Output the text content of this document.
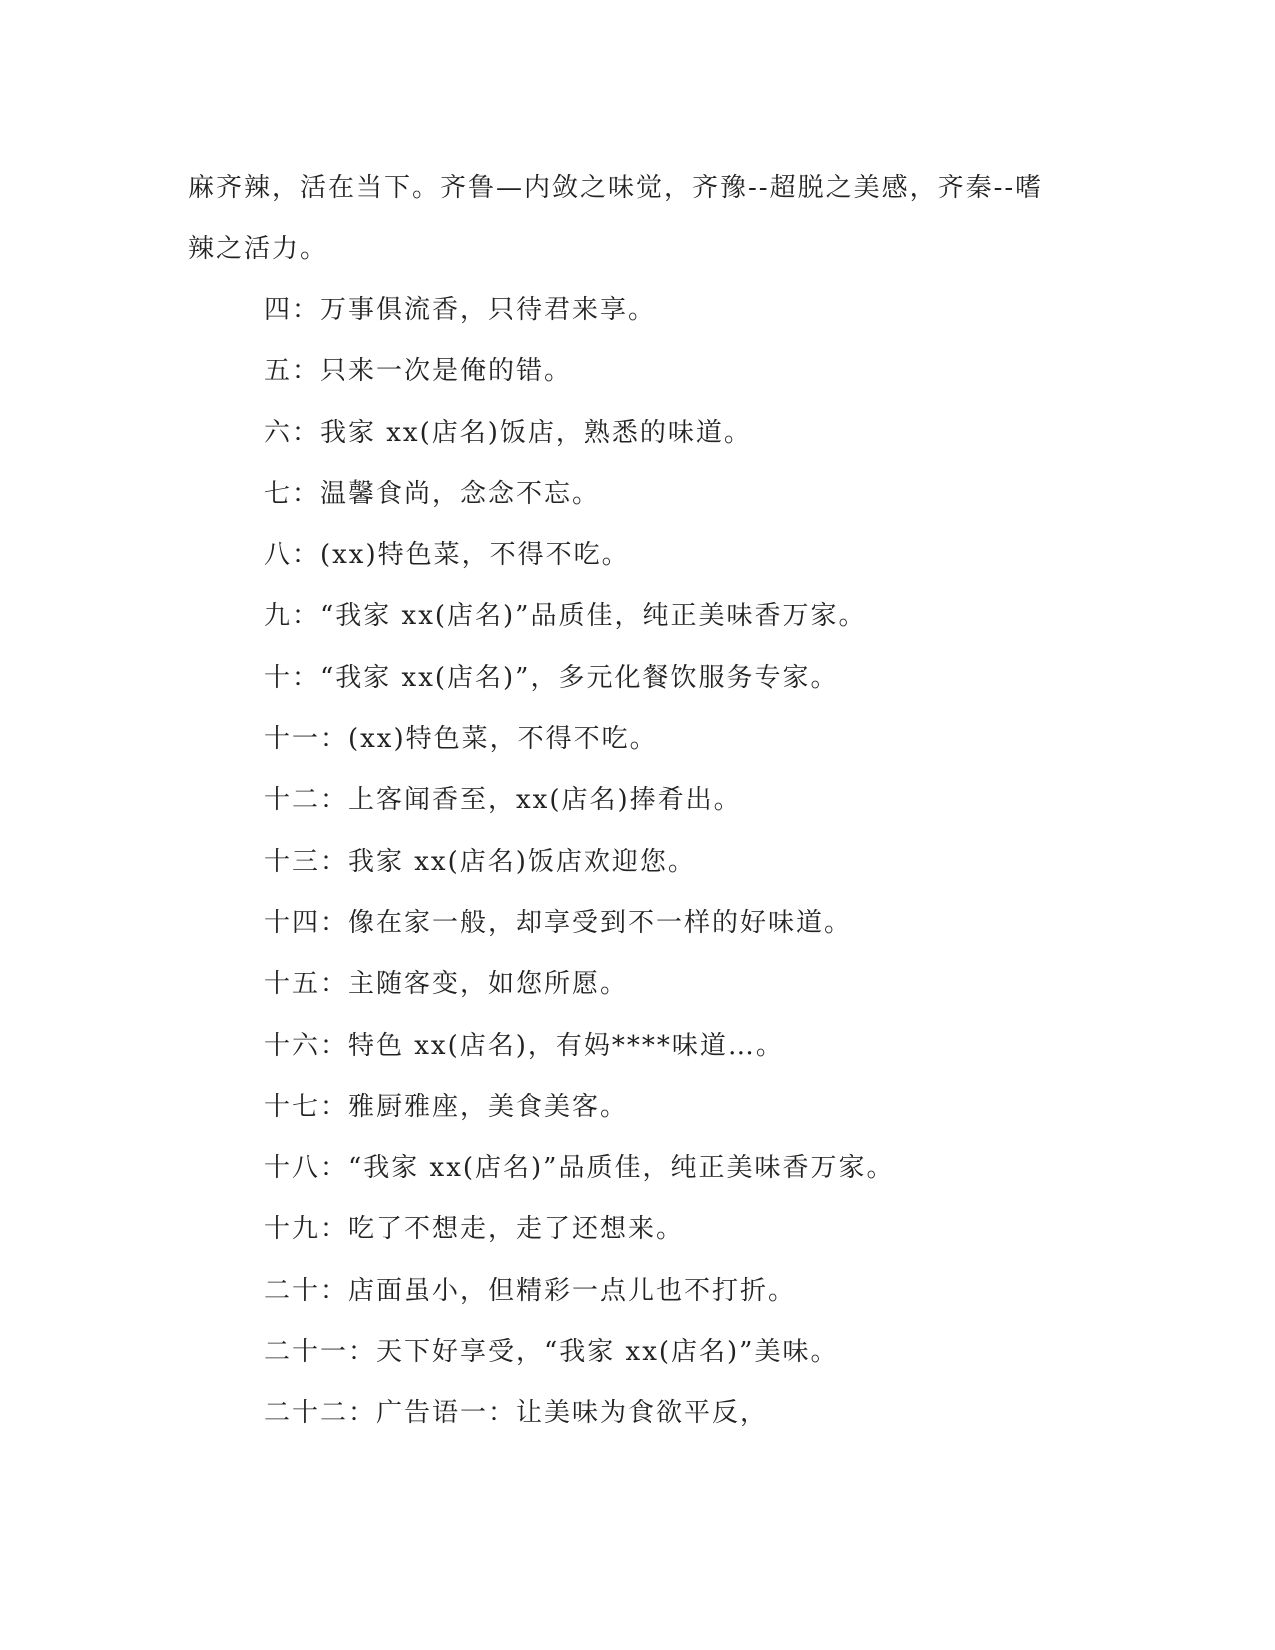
麻齐辣，活在当下。齐鲁—内敛之味觉，齐豫--超脱之美感，齐秦--嗜
辣之活力。
四：万事俱流香，只待君来享。
五：只来一次是俺的错。
六：我家 xx(店名)饭店，熟悉的味道。
七：温馨食尚，念念不忘。
八：(xx)特色菜，不得不吃。
九：“我家 xx(店名)”品质佳，纯正美味香万家。
十：“我家 xx(店名)”，多元化餐饮服务专家。
十一：(xx)特色菜，不得不吃。
十二：上客闻香至，xx(店名)捧肴出。
十三：我家 xx(店名)饭店欢迎您。
十四：像在家一般，却享受到不一样的好味道。
十五：主随客变，如您所愿。
十六：特色 xx(店名)，有妈****味道…。
十七：雅厨雅座，美食美客。
十八：“我家 xx(店名)”品质佳，纯正美味香万家。
十九：吃了不想走，走了还想来。
二十：店面虽小，但精彩一点儿也不打折。
二十一：天下好享受，“我家 xx(店名)”美味。
二十二：广告语一：让美味为食欲平反，
